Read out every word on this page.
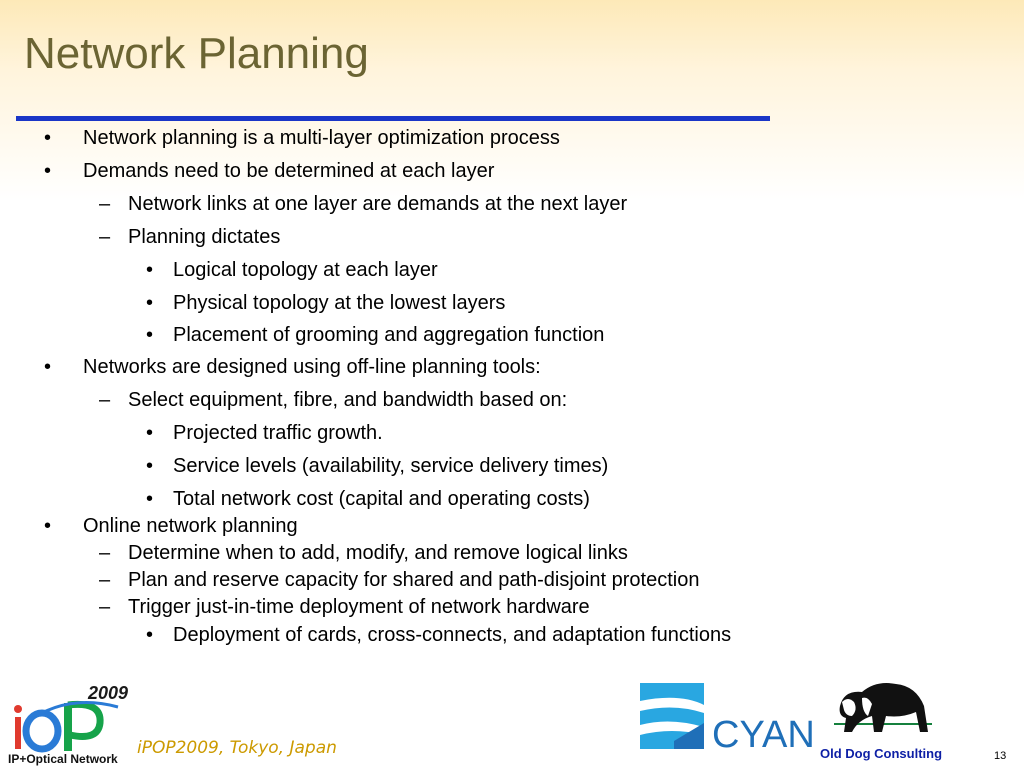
Network Planning
• Network planning is a multi-layer optimization process
• Demands need to be determined at each layer
– Network links at one layer are demands at the next layer
– Planning dictates
• Logical topology at each layer
• Physical topology at the lowest layers
• Placement of grooming and aggregation function
• Networks are designed using off-line planning tools:
– Select equipment, fibre, and bandwidth based on:
• Projected traffic growth.
• Service levels (availability, service delivery times)
• Total network cost (capital and operating costs)
• Online network planning
– Determine when to add, modify, and remove logical links
– Plan and reserve capacity for shared and path-disjoint protection
– Trigger just-in-time deployment of network hardware
• Deployment of cards, cross-connects, and adaptation functions
2009
IP+Optical Network
iPOP2009, Tokyo, Japan	CYAN Old Dog Consulting	13
